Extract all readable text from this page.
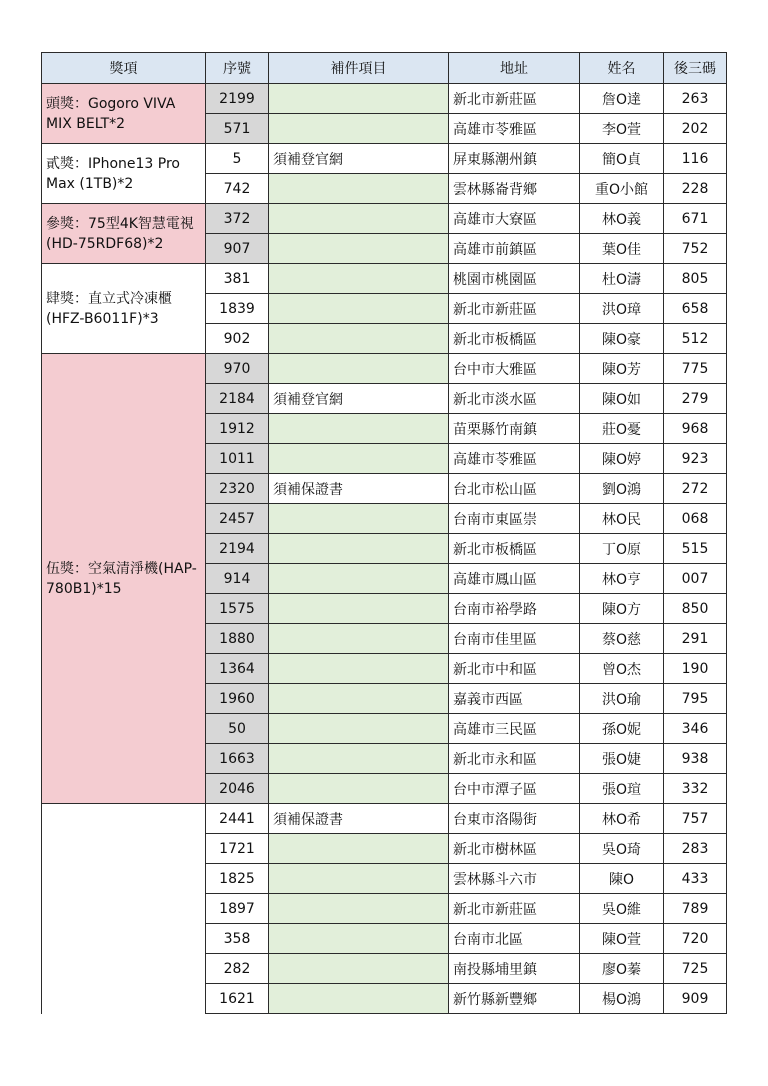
獎項	序號	補件項目	地址	姓名	後三碼
頭獎：Gogoro VIVA MIX BELT*2	2199		新北市新莊區	詹O達	263
	571		高雄市苓雅區	李O萱	202
貳獎：IPhone13 Pro Max (1TB)*2	5	須補登官網	屏東縣潮州鎮	簡O貞	116
	742		雲林縣崙背鄉	重O小館	228
參獎：75型4K智慧電視(HD-75RDF68)*2	372		高雄市大寮區	林O義	671
	907		高雄市前鎮區	葉O佳	752
肆獎：直立式冷凍櫃(HFZ-B6011F)*3	381		桃園市桃園區	杜O濤	805
	1839		新北市新莊區	洪O璋	658
	902		新北市板橋區	陳O豪	512
伍獎：空氣清淨機(HAP-780B1)*15	970		台中市大雅區	陳O芳	775
	2184	須補登官網	新北市淡水區	陳O如	279
	1912		苗栗縣竹南鎮	莊O憂	968
	1011		高雄市苓雅區	陳O婷	923
	2320	須補保證書	台北市松山區	劉O鴻	272
	2457		台南市東區崇	林O民	068
	2194		新北市板橋區	丁O原	515
	914		高雄市鳳山區	林O亨	007
	1575		台南市裕學路	陳O方	850
	1880		台南市佳里區	蔡O慈	291
	1364		新北市中和區	曾O杰	190
	1960		嘉義市西區	洪O瑜	795
	50		高雄市三民區	孫O妮	346
	1663		新北市永和區	張O婕	938
	2046		台中市潭子區	張O瑄	332
	2441	須補保證書	台東市洛陽街	林O希	757
	1721		新北市樹林區	吳O琦	283
	1825		雲林縣斗六市	陳O	433
	1897		新北市新莊區	吳O維	789
	358		台南市北區	陳O萱	720
	282		南投縣埔里鎮	廖O蓁	725
	1621		新竹縣新豐鄉	楊O鴻	909
